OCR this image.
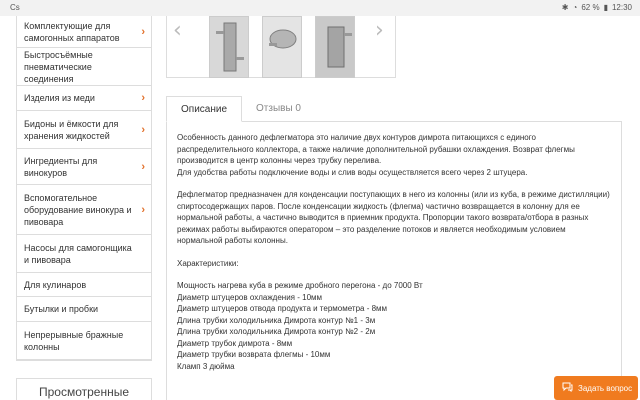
Cs	✱ ◔ 62 % ▮ 12:30
Комплектующие для самогонных аппаратов	›
Быстросъёмные пневматические соединения
Изделия из меди	›
Бидоны и ёмкости для хранения жидкостей	›
Ингредиенты для винокуров	›
Вспомогательное оборудование винокура и пивовара
›
Насосы для самогонщика и пивовара
Для кулинаров
Бутылки и пробки
Непрерывные бражные колонны
Просмотренные
‹	›
Описание	Отзывы 0

Особенность данного дефлегматора это наличие двух контуров димрота питающихся с единого распределительного коллектора, а также наличие дополнительной рубашки охлаждения. Возврат флегмы производится в центр колонны через трубку перелива.
Для удобства работы подключение воды и слив воды осуществляется всего через 2 штуцера.

Дефлегматор предназначен для конденсации поступающих в него из колонны (или из куба, в режиме дистилляции) спиртосодержащих паров. После конденсации жидкость (флегма) частично возвращается в колонну для ее нормальной работы, а частично выводится в приемник продукта. Пропорции такого возврата/отбора в разных режимах работы выбираются оператором – это разделение потоков и является необходимым условием нормальной работы колонны.

Характеристики:

Мощность нагрева куба в режиме дробного перегона - до 7000 Вт
Диаметр штуцеров охлаждения - 10мм
Диаметр штуцеров отвода продукта и термометра - 8мм
Длина трубки холодильника Димрота контур №1 - 3м
Длина трубки холодильника Димрота контур №2 - 2м
Диаметр трубок димрота - 8мм
Диаметр трубки возврата флегмы - 10мм
Кламп 3 дюйма
Задать вопрос
